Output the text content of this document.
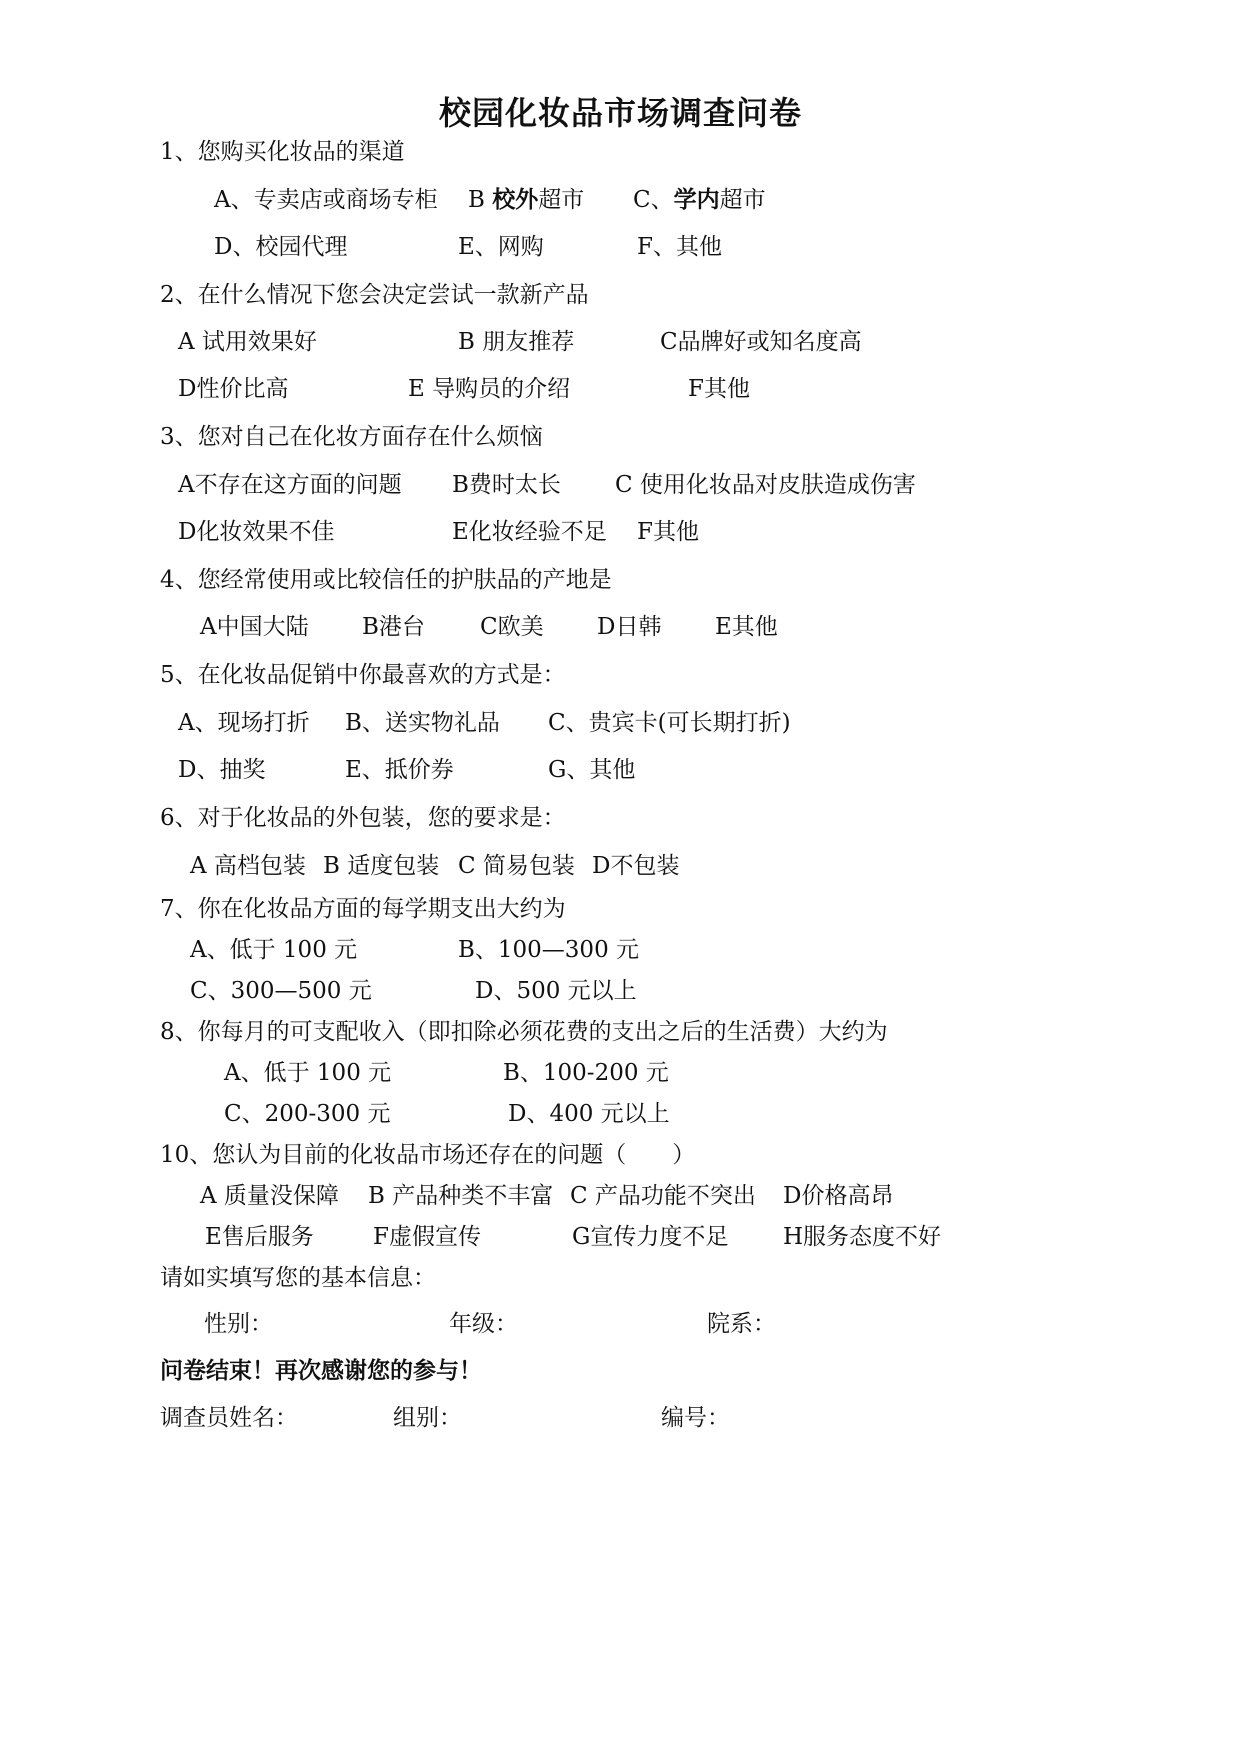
校园化妆品市场调查问卷
1、您购买化妆品的渠道
A、专卖店或商场专柜 B 校外超市 C、学内超市
D、校园代理	E、网购	F、其他
2、在什么情况下您会决定尝试一款新产品
A 试用效果好	B 朋友推荐	C品牌好或知名度高
D性价比高	E 导购员的介绍	F其他
3、您对自己在化妆方面存在什么烦恼
A不存在这方面的问题 B费时太长 C 使用化妆品对皮肤造成伤害
D化妆效果不佳	E化妆经验不足 F其他
4、您经常使用或比较信任的护肤品的产地是
A中国大陆 B港台 C欧美 D日韩 E其他
5、在化妆品促销中你最喜欢的方式是：
A、现场打折 B、送实物礼品 C、贵宾卡(可长期打折)
D、抽奖	E、抵价券	G、其他
6、对于化妆品的外包装，您的要求是：
A 高档包装 B 适度包装 C 简易包装 D不包装
7、你在化妆品方面的每学期支出大约为
A、低于 100 元	B、100—300 元
C、300—500 元	D、500 元以上
8、你每月的可支配收入（即扣除必须花费的支出之后的生活费）大约为
A、低于 100 元	B、100-200 元
C、200-300 元	D、400 元以上
10、您认为目前的化妆品市场还存在的问题（　　）
A 质量没保障 B 产品种类不丰富 C 产品功能不突出 D价格高昂
E售后服务	F虚假宣传	G宣传力度不足 H服务态度不好
请如实填写您的基本信息：
性别：	年级：	院系：
问卷结束！再次感谢您的参与！
调查员姓名：	组别：	编号：
